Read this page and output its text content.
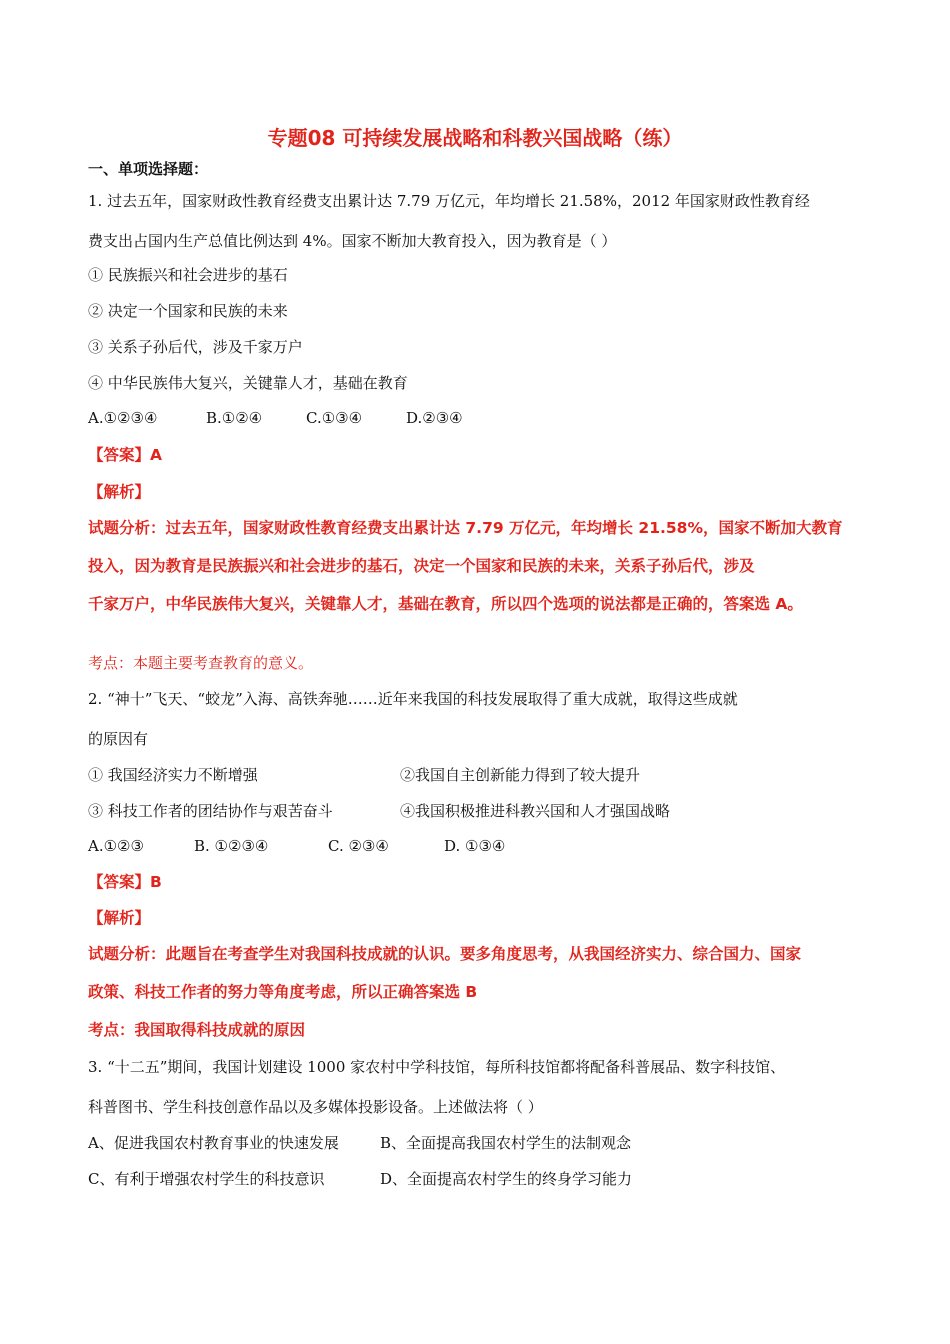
专题08 可持续发展战略和科教兴国战略（练）
一、单项选择题：
1. 过去五年，国家财政性教育经费支出累计达 7.79 万亿元，年均增长 21.58%，2012 年国家财政性教育经
费支出占国内生产总值比例达到 4%。国家不断加大教育投入，因为教育是（ ）
① 民族振兴和社会进步的基石
② 决定一个国家和民族的未来
③ 关系子孙后代，涉及千家万户
④ 中华民族伟大复兴，关键靠人才，基础在教育
A.①②③④	B.①②④	C.①③④	D.②③④
【答案】A
【解析】
试题分析：过去五年，国家财政性教育经费支出累计达 7.79 万亿元，年均增长 21.58%，国家不断加大教育
投入，因为教育是民族振兴和社会进步的基石，决定一个国家和民族的未来，关系子孙后代，涉及
千家万户，中华民族伟大复兴，关键靠人才，基础在教育，所以四个选项的说法都是正确的，答案选 A。
考点：本题主要考查教育的意义。
2. “神十”飞天、“蛟龙”入海、高铁奔驰……近年来我国的科技发展取得了重大成就，取得这些成就
的原因有
① 我国经济实力不断增强	②我国自主创新能力得到了较大提升
③ 科技工作者的团结协作与艰苦奋斗	④我国积极推进科教兴国和人才强国战略
A.①②③	B. ①②③④	C. ②③④	D. ①③④
【答案】B
【解析】
试题分析：此题旨在考查学生对我国科技成就的认识。要多角度思考，从我国经济实力、综合国力、国家
政策、科技工作者的努力等角度考虑，所以正确答案选 B
考点：我国取得科技成就的原因
3. “十二五”期间，我国计划建设 1000 家农村中学科技馆，每所科技馆都将配备科普展品、数字科技馆、
科普图书、学生科技创意作品以及多媒体投影设备。上述做法将（ ）
A、促进我国农村教育事业的快速发展	B、全面提高我国农村学生的法制观念
C、有利于增强农村学生的科技意识	D、全面提高农村学生的终身学习能力
